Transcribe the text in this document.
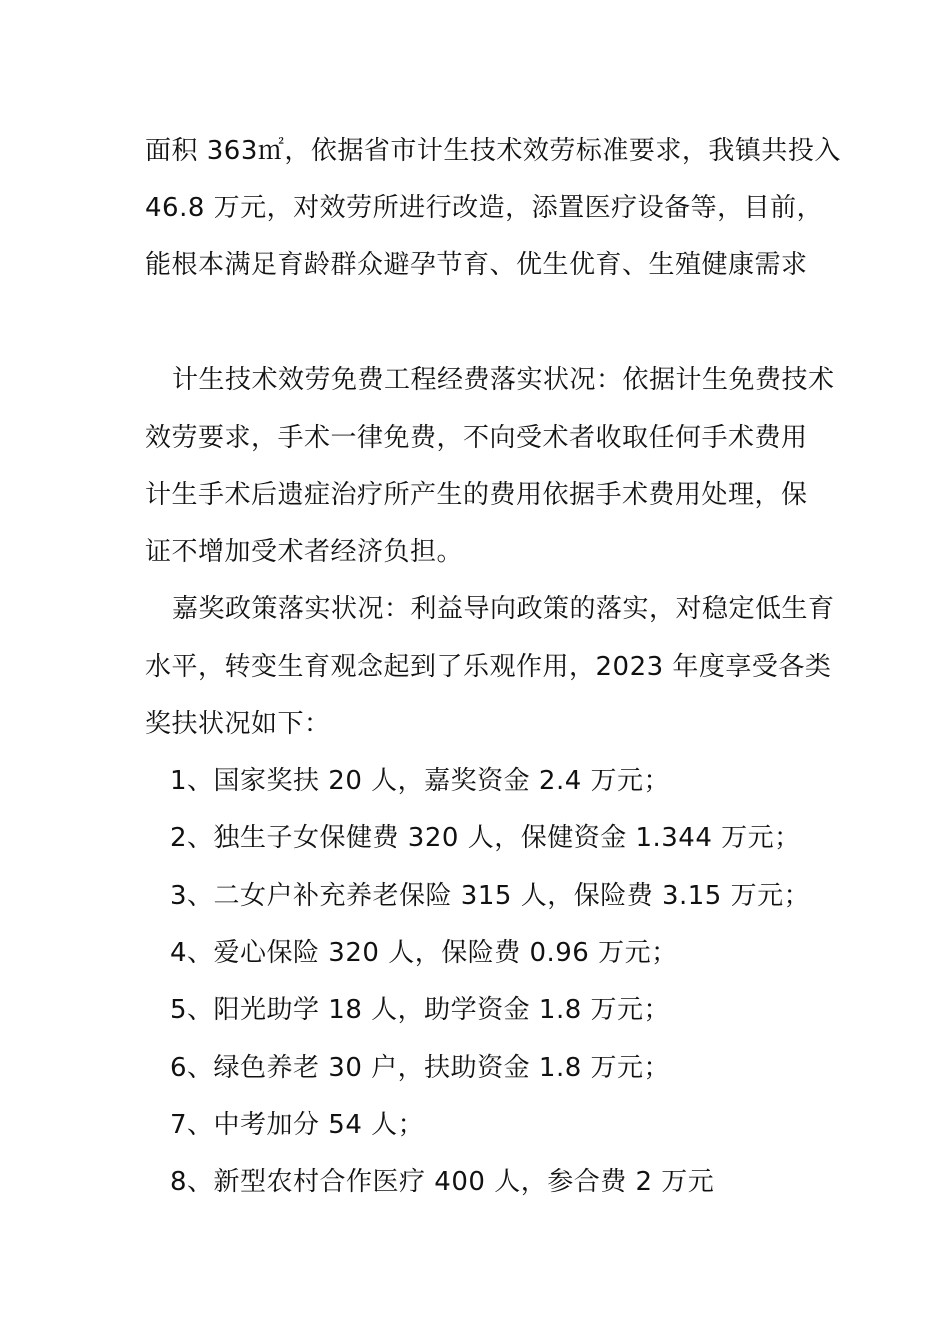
面积 363㎡，依据省市计生技术效劳标准要求，我镇共投入
46.8 万元，对效劳所进行改造，添置医疗设备等，目前，
能根本满足育龄群众避孕节育、优生优育、生殖健康需求
计生技术效劳免费工程经费落实状况：依据计生免费技术
效劳要求，手术一律免费，不向受术者收取任何手术费用
计生手术后遗症治疗所产生的费用依据手术费用处理，保
证不增加受术者经济负担。
嘉奖政策落实状况：利益导向政策的落实，对稳定低生育
水平，转变生育观念起到了乐观作用，2023 年度享受各类
奖扶状况如下：
1、国家奖扶 20 人，嘉奖资金 2.4 万元；
2、独生子女保健费 320 人，保健资金 1.344 万元；
3、二女户补充养老保险 315 人，保险费 3.15 万元；
4、爱心保险 320 人，保险费 0.96 万元；
5、阳光助学 18 人，助学资金 1.8 万元；
6、绿色养老 30 户，扶助资金 1.8 万元；
7、中考加分 54 人；
8、新型农村合作医疗 400 人，参合费 2 万元
